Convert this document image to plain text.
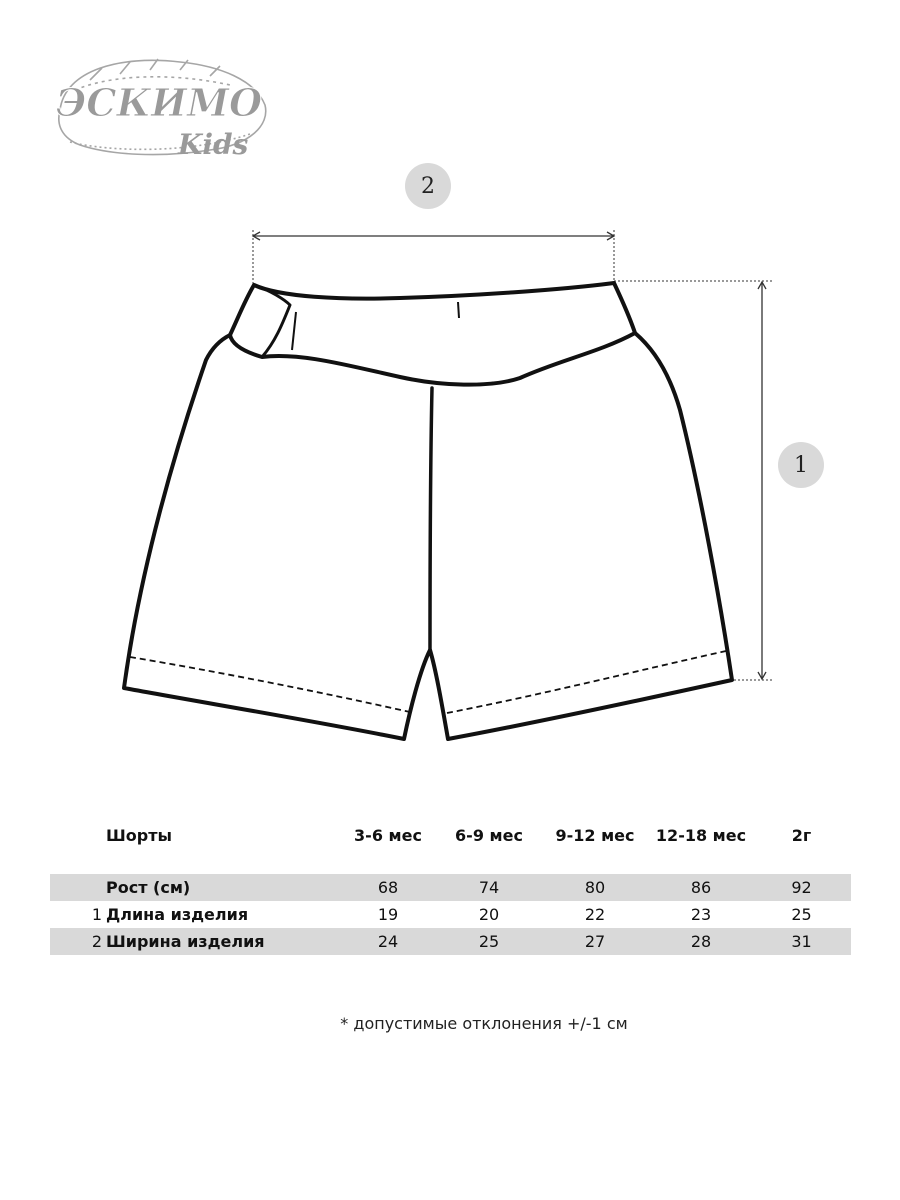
ЭСКИМО
Kids
2
1
	Шорты	3-6 мес	6-9 мес	9-12 мес	12-18 мес	2г

	Рост (см)	68	74	80	86	92
1	Длина изделия	19	20	22	23	25
2	Ширина изделия	24	25	27	28	31
* допустимые отклонения +/-1 см
